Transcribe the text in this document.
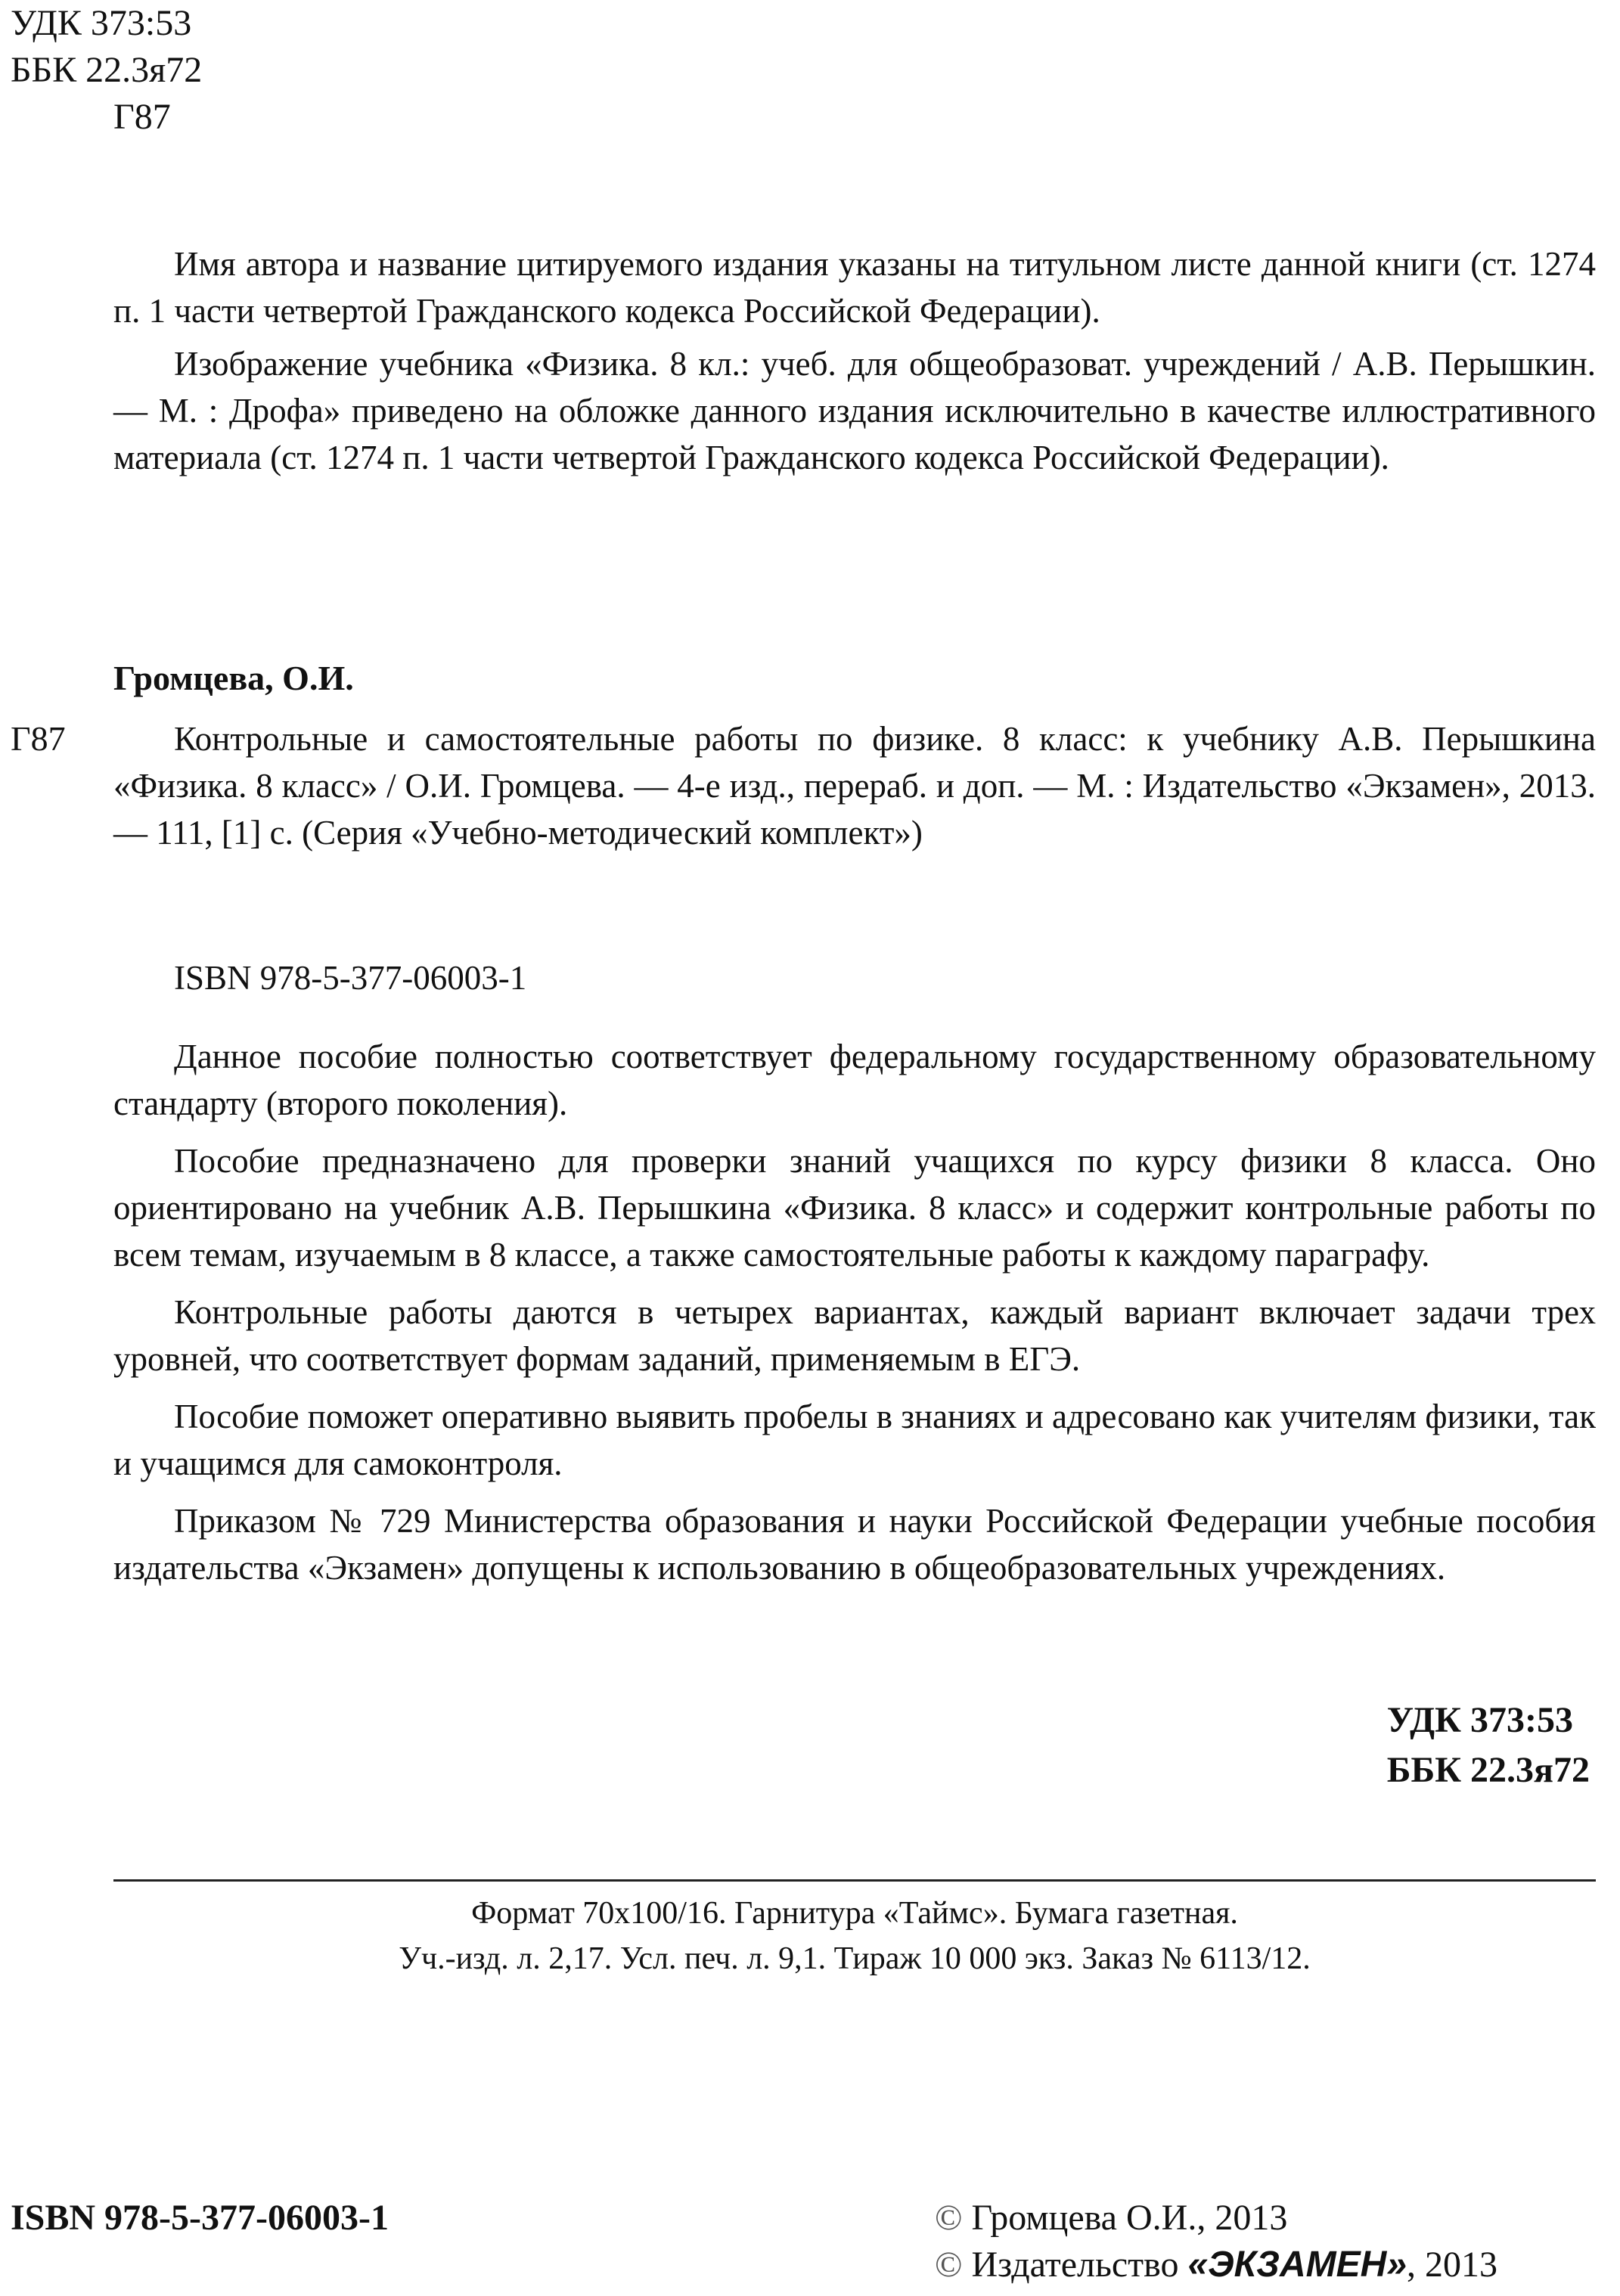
УДК 373:53
ББК 22.3я72
Г87

Имя автора и название цитируемого издания указаны на титульном листе данной книги (ст. 1274 п. 1 части четвертой Гражданского кодекса Российской Федерации).

Изображение учебника «Физика. 8 кл.: учеб. для общеобразоват. учреждений / А.В. Перышкин. — М. : Дрофа» приведено на обложке данного издания исключительно в качестве иллюстративного материала (ст. 1274 п. 1 части четвертой Гражданского кодекса Российской Федерации).

Громцева, О.И.
Г87	Контрольные и самостоятельные работы по физике. 8 класс: к учебнику А.В. Перышкина «Физика. 8 класс» / О.И. Громцева. — 4-е изд., перераб. и доп. — М. : Издательство «Экзамен», 2013. — 111, [1] с. (Серия «Учебно-методический комплект»)

ISBN 978-5-377-06003-1

Данное пособие полностью соответствует федеральному государственному образовательному стандарту (второго поколения).

Пособие предназначено для проверки знаний учащихся по курсу физики 8 класса. Оно ориентировано на учебник А.В. Перышкина «Физика. 8 класс» и содержит контрольные работы по всем темам, изучаемым в 8 классе, а также самостоятельные работы к каждому параграфу.

Контрольные работы даются в четырех вариантах, каждый вариант включает задачи трех уровней, что соответствует формам заданий, применяемым в ЕГЭ.

Пособие поможет оперативно выявить пробелы в знаниях и адресовано как учителям физики, так и учащимся для самоконтроля.

Приказом № 729 Министерства образования и науки Российской Федерации учебные пособия издательства «Экзамен» допущены к использованию в общеобразовательных учреждениях.

УДК 373:53
ББК 22.3я72
Формат 70х100/16. Гарнитура «Таймс». Бумага газетная.
Уч.-изд. л. 2,17. Усл. печ. л. 9,1. Тираж 10 000 экз. Заказ № 6113/12.
ISBN 978-5-377-06003-1	© Громцева О.И., 2013
© Издательство «ЭКЗАМЕН», 2013
